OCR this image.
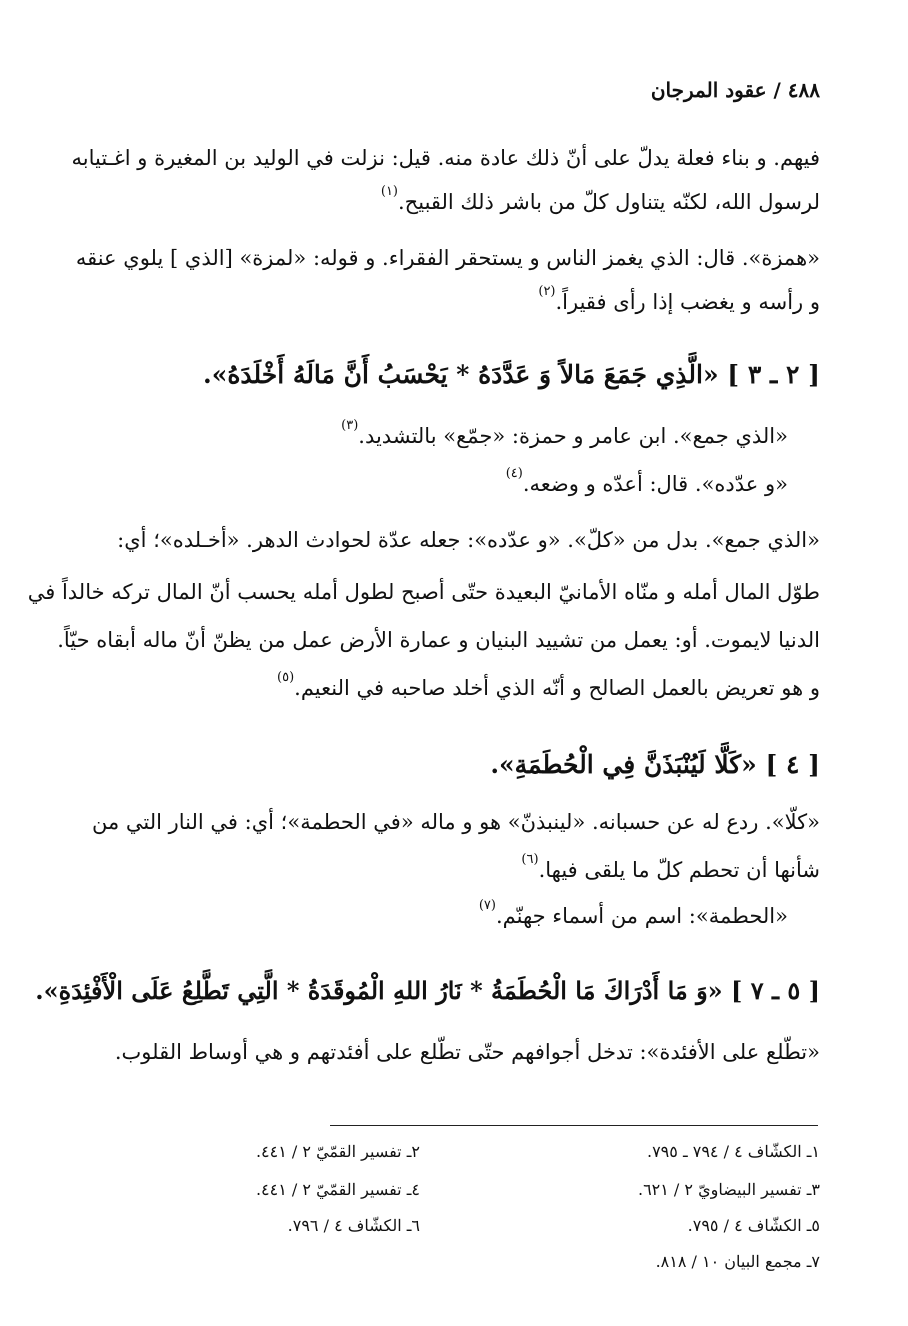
٤٨٨ / عقود المرجان
فيهم. و بناء فعلة يدلّ على أنّ ذلك عادة منه. قيل: نزلت في الوليد بن المغيرة و اغـتيابه
لرسول الله، لكنّه يتناول كلّ من باشر ذلك القبيح.$^{(١)}$
«همزة». قال: الذي يغمز الناس و يستحقر الفقراء. و قوله: «لمزة» [الذي ] يلوي عنقه
و رأسه و يغضب إذا رأى فقيراً.$^{(٢)}$
[ ٢ ـ ٣ ] «الَّذِي جَمَعَ مَالاً وَ عَدَّدَهُ * يَحْسَبُ أَنَّ مَالَهُ أَخْلَدَهُ».
«الذي جمع». ابن عامر و حمزة: «جمّع» بالتشديد.$^{(٣)}$
«و عدّده». قال: أعدّه و وضعه.$^{(٤)}$
«الذي جمع». بدل من «كلّ». «و عدّده»: جعله عدّة لحوادث الدهر. «أخـلده»؛ أي:
طوّل المال أمله و منّاه الأمانيّ البعيدة حتّى أصبح لطول أمله يحسب أنّ المال تركه خالداً في
الدنيا لايموت. أو: يعمل من تشييد البنيان و عمارة الأرض عمل من يظنّ أنّ ماله أبقاه حيّاً.
و هو تعريض بالعمل الصالح و أنّه الذي أخلد صاحبه في النعيم.$^{(٥)}$
[ ٤ ] «كَلَّا لَيُنْبَذَنَّ فِي الْحُطَمَةِ».
«كلّا». ردع له عن حسبانه. «لينبذنّ» هو و ماله «في الحطمة»؛ أي: في النار التي من
شأنها أن تحطم كلّ ما يلقى فيها.$^{(٦)}$
«الحطمة»: اسم من أسماء جهنّم.$^{(٧)}$
[ ٥ ـ ٧ ] «وَ مَا أَدْرَاكَ مَا الْحُطَمَةُ * نَارُ اللهِ الْمُوقَدَةُ * الَّتِي تَطَّلِعُ عَلَى الْأَفْئِدَةِ».
«تطّلع على الأفئدة»: تدخل أجوافهم حتّى تطّلع على أفئدتهم و هي أوساط القلوب.
١ـ الكشّاف ٤ / ٧٩٤ ـ ٧٩٥.
٢ـ تفسير القمّيّ ٢ / ٤٤١.
٣ـ تفسير البيضاويّ ٢ / ٦٢١.
٤ـ تفسير القمّيّ ٢ / ٤٤١.
٥ـ الكشّاف ٤ / ٧٩٥.
٦ـ الكشّاف ٤ / ٧٩٦.
٧ـ مجمع البيان ١٠ / ٨١٨.
